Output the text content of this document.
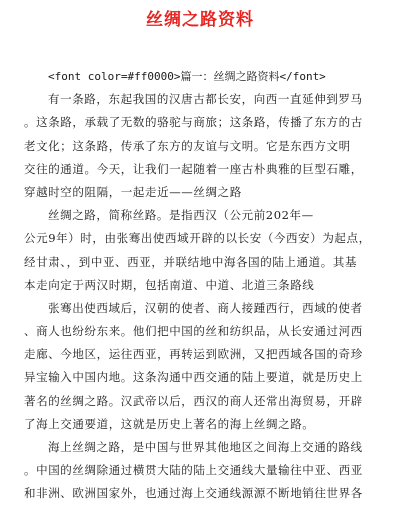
丝绸之路资料
<font color=#ff0000>篇一：丝绸之路资料</font>
有一条路，东起我国的汉唐古都长安，向西一直延伸到罗马
。这条路，承载了无数的骆驼与商旅；这条路，传播了东方的古
老文化；这条路，传承了东方的友谊与文明。它是东西方文明
交往的通道。今天，让我们一起随着一座古朴典雅的巨型石雕，
穿越时空的阻隔，一起走近——丝绸之路
丝绸之路，简称丝路。是指西汉（公元前202年—
公元9年）时，由张骞出使西域开辟的以长安（今西安）为起点，
经甘肃、，到中亚、西亚，并联结地中海各国的陆上通道。其基
本走向定于两汉时期，包括南道、中道、北道三条路线
张骞出使西域后，汉朝的使者、商人接踵西行，西域的使者
、商人也纷纷东来。他们把中国的丝和纺织品，从长安通过河西
走廊、今地区，运往西亚，再转运到欧洲，又把西域各国的奇珍
异宝输入中国内地。这条沟通中西交通的陆上要道，就是历史上
著名的丝绸之路。汉武帝以后，西汉的商人还常出海贸易，开辟
了海上交通要道，这就是历史上著名的海上丝绸之路。
海上丝绸之路，是中国与世界其他地区之间海上交通的路线
。中国的丝绸除通过横贯大陆的陆上交通线大量输往中亚、西亚
和非洲、欧洲国家外，也通过海上交通线源源不断地销往世界各
